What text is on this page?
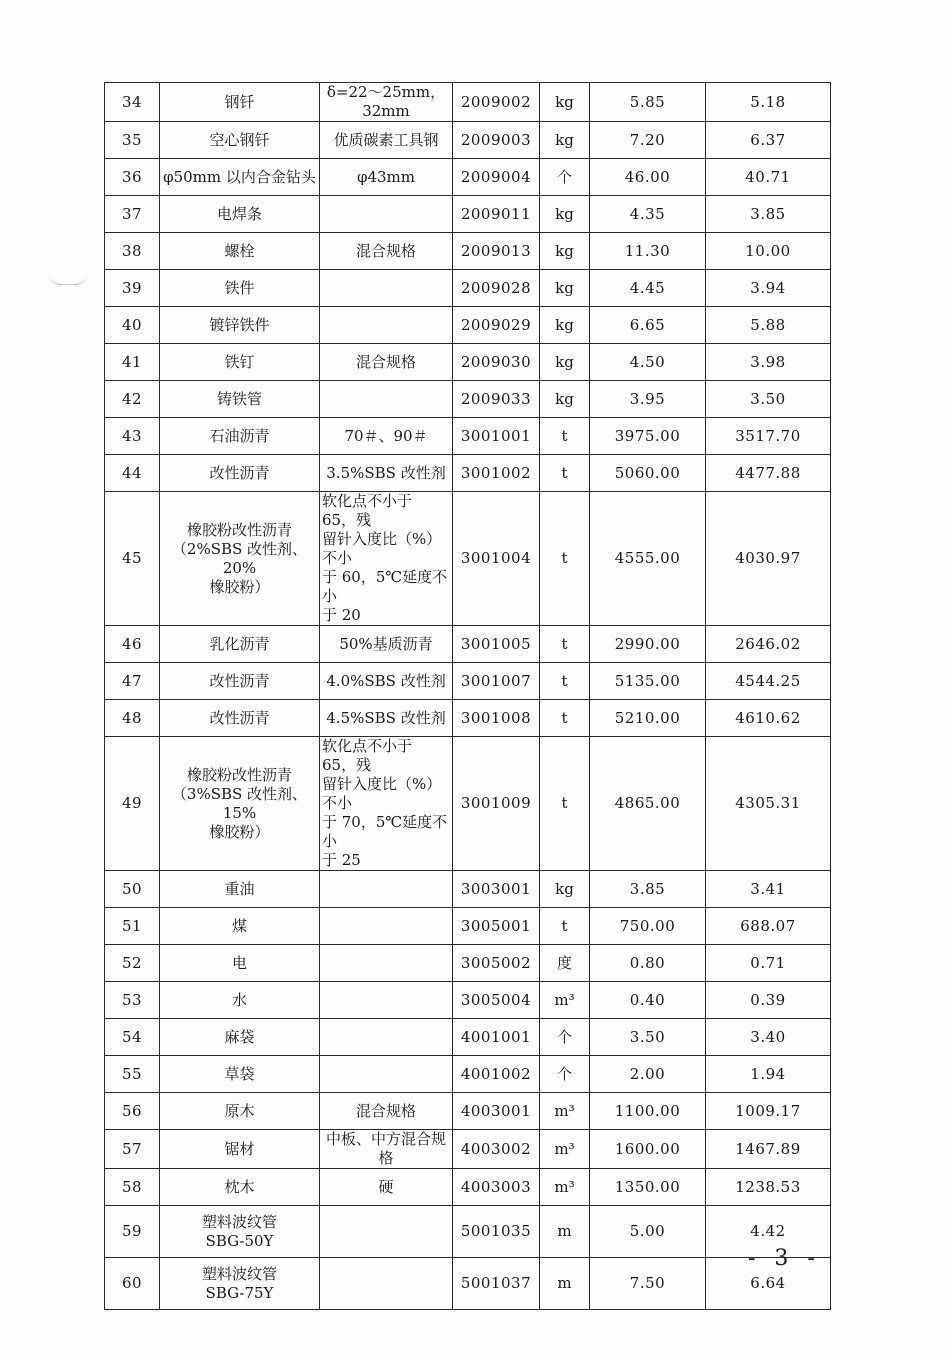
34	钢钎	δ=22～25mm，32mm	2009002	kg	5.85	5.18
35	空心钢钎	优质碳素工具钢	2009003	kg	7.20	6.37
36	φ50mm 以内合金钻头	φ43mm	2009004	个	46.00	40.71
37	电焊条		2009011	kg	4.35	3.85
38	螺栓	混合规格	2009013	kg	11.30	10.00
39	铁件		2009028	kg	4.45	3.94
40	镀锌铁件		2009029	kg	6.65	5.88
41	铁钉	混合规格	2009030	kg	4.50	3.98
42	铸铁管		2009033	kg	3.95	3.50
43	石油沥青	70＃、90＃	3001001	t	3975.00	3517.70
44	改性沥青	3.5%SBS 改性剂	3001002	t	5060.00	4477.88
45	橡胶粉改性沥青
（2%SBS 改性剂、20%
橡胶粉）	软化点不小于 65，残
留针入度比（%）不小
于 60，5℃延度不小
于 20	3001004	t	4555.00	4030.97
46	乳化沥青	50%基质沥青	3001005	t	2990.00	2646.02
47	改性沥青	4.0%SBS 改性剂	3001007	t	5135.00	4544.25
48	改性沥青	4.5%SBS 改性剂	3001008	t	5210.00	4610.62
49	橡胶粉改性沥青
（3%SBS 改性剂、15%
橡胶粉）	软化点不小于 65，残
留针入度比（%）不小
于 70，5℃延度不小
于 25	3001009	t	4865.00	4305.31
50	重油		3003001	kg	3.85	3.41
51	煤		3005001	t	750.00	688.07
52	电		3005002	度	0.80	0.71
53	水		3005004	m³	0.40	0.39
54	麻袋		4001001	个	3.50	3.40
55	草袋		4001002	个	2.00	1.94
56	原木	混合规格	4003001	m³	1100.00	1009.17
57	锯材	中板、中方混合规格	4003002	m³	1600.00	1467.89
58	枕木	硬	4003003	m³	1350.00	1238.53
59	塑料波纹管
SBG-50Y		5001035	m	5.00	4.42
60	塑料波纹管
SBG-75Y		5001037	m	7.50	6.64
- 3 -
